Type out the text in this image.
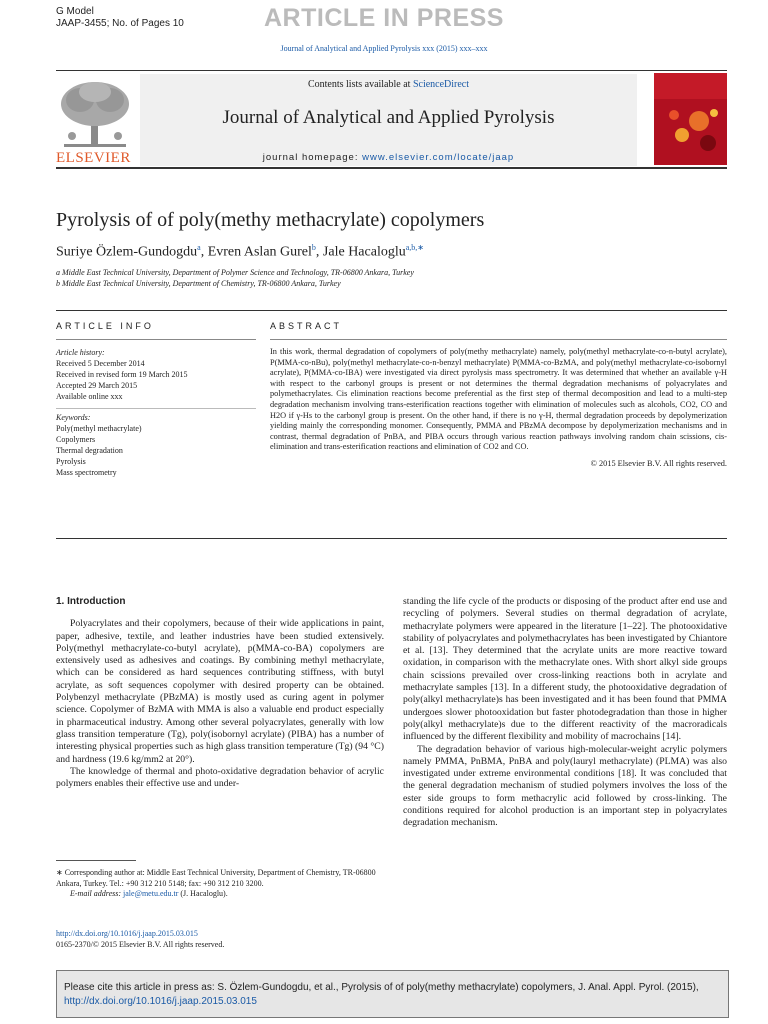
G Model
JAAP-3455; No. of Pages 10	ARTICLE IN PRESS
Journal of Analytical and Applied Pyrolysis xxx (2015) xxx–xxx
ELSEVIER
Contents lists available at ScienceDirect
Journal of Analytical and Applied Pyrolysis
journal homepage: www.elsevier.com/locate/jaap
Pyrolysis of of poly(methy methacrylate) copolymers
Suriye Özlem-Gundogdu$^a$, Evren Aslan Gurel$^b$, Jale Hacaloglu$^{a,b,∗}$
a Middle East Technical University, Department of Polymer Science and Technology, TR-06800 Ankara, Turkey
b Middle East Technical University, Department of Chemistry, TR-06800 Ankara, Turkey
ARTICLE INFO	ABSTRACT
Article history:
Received 5 December 2014
Received in revised form 19 March 2015
Accepted 29 March 2015
Available online xxx
Keywords:
Poly(methyl methacrylate)
Copolymers
Thermal degradation
Pyrolysis
Mass spectrometry
In this work, thermal degradation of copolymers of poly(methy methacrylate) namely, poly(methyl methacrylate-co-n-butyl acrylate), P(MMA-co-nBu), poly(methyl methacrylate-co-n-benzyl methacrylate) P(MMA-co-BzMA, and poly(methyl methacrylate-co-isobornyl acrylate), P(MMA-co-IBA) were investigated via direct pyrolysis mass spectrometry. It was determined that whether an available γ-H with respect to the carbonyl groups is present or not determines the thermal degradation mechanisms of polyacrylates and polymethacrylates. Cis elimination reactions become preferential as the first step of thermal decomposition and lead to a multi-step degradation mechanism involving trans-esterification reactions together with elimination of molecules such as alcohols, CO2, CO and H2O if γ-Hs to the carbonyl group is present. On the other hand, if there is no γ-H, thermal degradation proceeds by depolymerization yielding mainly the corresponding monomer. Consequently, PMMA and PBzMA decompose by depolymerization mechanisms and in contrast, thermal degradation of PnBA, and PIBA occurs through various reaction pathways involving random chain scissions, cis-elimination and trans-esterification reactions and elimination of CO2 and CO.
© 2015 Elsevier B.V. All rights reserved.
1. Introduction
Polyacrylates and their copolymers, because of their wide applications in paint, paper, adhesive, textile, and leather industries have been studied extensively. Poly(methyl methacrylate-co-butyl acrylate), p(MMA-co-BA) copolymers are extensively used as adhesives and coatings. By combining methyl methacrylate, which can be considered as hard sequences contributing stiffness, with butyl acrylate, as soft sequences copolymer with desired property can be obtained. Polybenzyl methacrylate (PBzMA) is mostly used as curing agent in polymer science. Copolymer of BzMA with MMA is also a valuable end product especially in pharmaceutical industry. Among other several polyacrylates, generally with low glass transition temperature (Tg), poly(isobornyl acrylate) (PIBA) has a number of interesting physical properties such as high glass transition temperature (Tg) (94 °C) and hardness (19.6 kg/mm2 at 20°).
The knowledge of thermal and photo-oxidative degradation behavior of acrylic polymers enables their effective use and under-
standing the life cycle of the products or disposing of the product after end use and recycling of polymers. Several studies on thermal degradation of acrylate, methacrylate polymers were appeared in the literature [1–22]. The photooxidative stability of polyacrylates and polymethacrylates has been investigated by Chiantore et al. [13]. They determined that the acrylate units are more reactive toward oxidation, in comparison with the methacrylate ones. With short alkyl side groups chain scissions prevailed over cross-linking reactions both in acrylate and methacrylate samples [13]. In a different study, the photooxidative degradation of poly(alkyl methacrylate)s has been investigated and it has been found that PMMA undergoes slower photooxidation but faster photodegradation than those in higher poly(alkyl methacrylate)s due to the different reactivity of the macroradicals influenced by the different flexibility and mobility of macrochains [14].
The degradation behavior of various high-molecular-weight acrylic polymers namely PMMA, PnBMA, PnBA and poly(lauryl methacrylate) (PLMA) was also investigated under extreme environmental conditions [18]. It was concluded that the general degradation mechanism of studied polymers involves the loss of the ester side groups to form methacrylic acid followed by cross-linking. The conditions required for alcohol production is an important step in polyacrylates degradation mechanism.
∗ Corresponding author at: Middle East Technical University, Department of Chemistry, TR-06800 Ankara, Turkey. Tel.: +90 312 210 5148; fax: +90 312 210 3200.
E-mail address: jale@metu.edu.tr (J. Hacaloglu).
http://dx.doi.org/10.1016/j.jaap.2015.03.015
0165-2370/© 2015 Elsevier B.V. All rights reserved.
Please cite this article in press as: S. Özlem-Gundogdu, et al., Pyrolysis of of poly(methy methacrylate) copolymers, J. Anal. Appl. Pyrol. (2015), http://dx.doi.org/10.1016/j.jaap.2015.03.015
